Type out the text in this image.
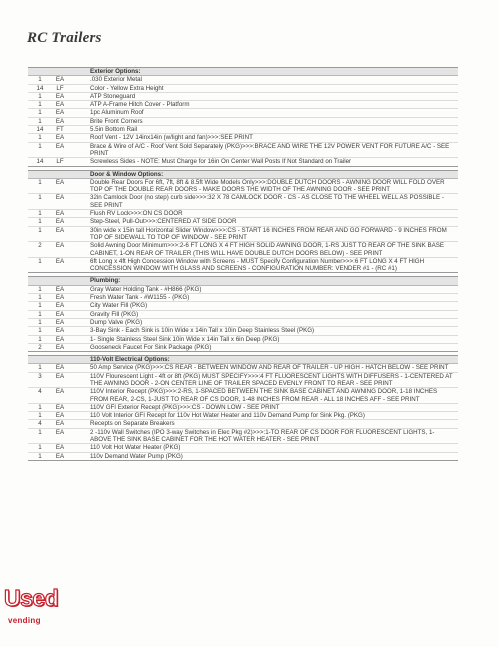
RC Trailers
Exterior Options:
1	EA	.030 Exterior Metal
14	LF	Color - Yellow Extra Height
1	EA	ATP Stoneguard
1	EA	ATP A-Frame Hitch Cover - Platform
1	EA	1pc Aluminum Roof
1	EA	Brite Front Corners
14	FT	5.5in Bottom Rail
1	EA	Roof Vent - 12V 14inx14in (w/light and fan)>>>:SEE PRINT
1	EA	Brace & Wire of A/C - Roof Vent Sold Separately (PKG)>>>:BRACE AND WIRE THE 12V POWER VENT FOR FUTURE A/C - SEE PRINT
14	LF	Screwless Sides - NOTE: Must Charge for 16in On Center Wall Posts If Not Standard on Trailer
Door & Window Options:
1	EA	Double Rear Doors For 6ft, 7ft, 8ft & 8.5ft Wide Models Only>>>:DOUBLE DUTCH DOORS - AWNING DOOR WILL FOLD OVER TOP OF THE DOUBLE REAR DOORS - MAKE DOORS THE WIDTH OF THE AWNING DOOR - SEE PRINT
1	EA	32in Camlock Door (no step) curb side>>>:32 X 78 CAMLOCK DOOR - CS - AS CLOSE TO THE WHEEL WELL AS POSSIBLE - SEE PRINT
1	EA	Flush RV Lock>>>:ON CS DOOR
1	EA	Step-Steel, Pull-Out>>>:CENTERED AT SIDE DOOR
1	EA	30in wide x 15in tall Horizontal Slider Window>>>:CS - START 16 INCHES FROM REAR AND GO FORWARD - 9 INCHES FROM TOP OF SIDEWALL TO TOP OF WINDOW - SEE PRINT
2	EA	Solid Awning Door Minimum>>>:2-6 FT LONG X 4 FT HIGH SOLID AWNING DOOR, 1-RS JUST TO REAR OF THE SINK BASE CABINET, 1-ON REAR OF TRAILER (THIS WILL HAVE DOUBLE DUTCH DOORS BELOW) - SEE PRINT
1	EA	6ft Long x 4ft High Concession Window with Screens - MUST Specify Configuration Number>>>:6 FT LONG X 4 FT HIGH CONCESSION WINDOW WITH GLASS AND SCREENS - CONFIGURATION NUMBER: VENDER #1 - (RC #1)
Plumbing:
1	EA	Gray Water Holding Tank - #H866 (PKG)
1	EA	Fresh Water Tank - #W1155 - (PKG)
1	EA	City Water Fill (PKG)
1	EA	Gravity Fill (PKG)
1	EA	Dump Valve (PKG)
1	EA	3-Bay Sink - Each Sink is 10in Wide x 14in Tall x 10in Deep Stainless Steel (PKG)
1	EA	1- Single Stainless Steel Sink 10in Wide x 14in Tall x 6in Deep (PKG)
2	EA	Gooseneck Faucet For Sink Package (PKG)
110-Volt Electrical Options:
1	EA	50 Amp Service (PKG)>>>:CS REAR - BETWEEN WINDOW AND REAR OF TRAILER - UP HIGH - HATCH BELOW - SEE PRINT
3	EA	110V Flourescent Light - 4ft or 8ft (PKG) MUST SPECIFY>>>:4 FT FLUORESCENT LIGHTS WITH DIFFUSERS - 1-CENTERED AT THE AWNING DOOR - 2-ON CENTER LINE OF TRAILER SPACED EVENLY FRONT TO REAR - SEE PRINT
4	EA	110V Interior Recept (PKG)>>>:2-RS, 1-SPACED BETWEEN THE SINK BASE CABINET AND AWNING DOOR, 1-18 INCHES FROM REAR, 2-CS, 1-JUST TO REAR OF CS DOOR, 1-48 INCHES FROM REAR - ALL 18 INCHES AFF - SEE PRINT
1	EA	110V GFI Exterior Recept (PKG)>>>:CS - DOWN LOW - SEE PRINT
1	EA	110 Volt Interior GFI Recept for 110v Hot Water Heater and 110v Demand Pump for Sink Pkg. (PKG)
4	EA	Recepts on Separate Breakers
1	EA	2 -110v Wall Switches (IPO 3-way Switches in Elec Pkg #2)>>>:1-TO REAR OF CS DOOR FOR FLUORESCENT LIGHTS, 1-ABOVE THE SINK BASE CABINET FOR THE HOT WATER HEATER - SEE PRINT
1	EA	110 Volt Hot Water Heater (PKG)
1	EA	110v Demand Water Pump (PKG)
Used
vending
